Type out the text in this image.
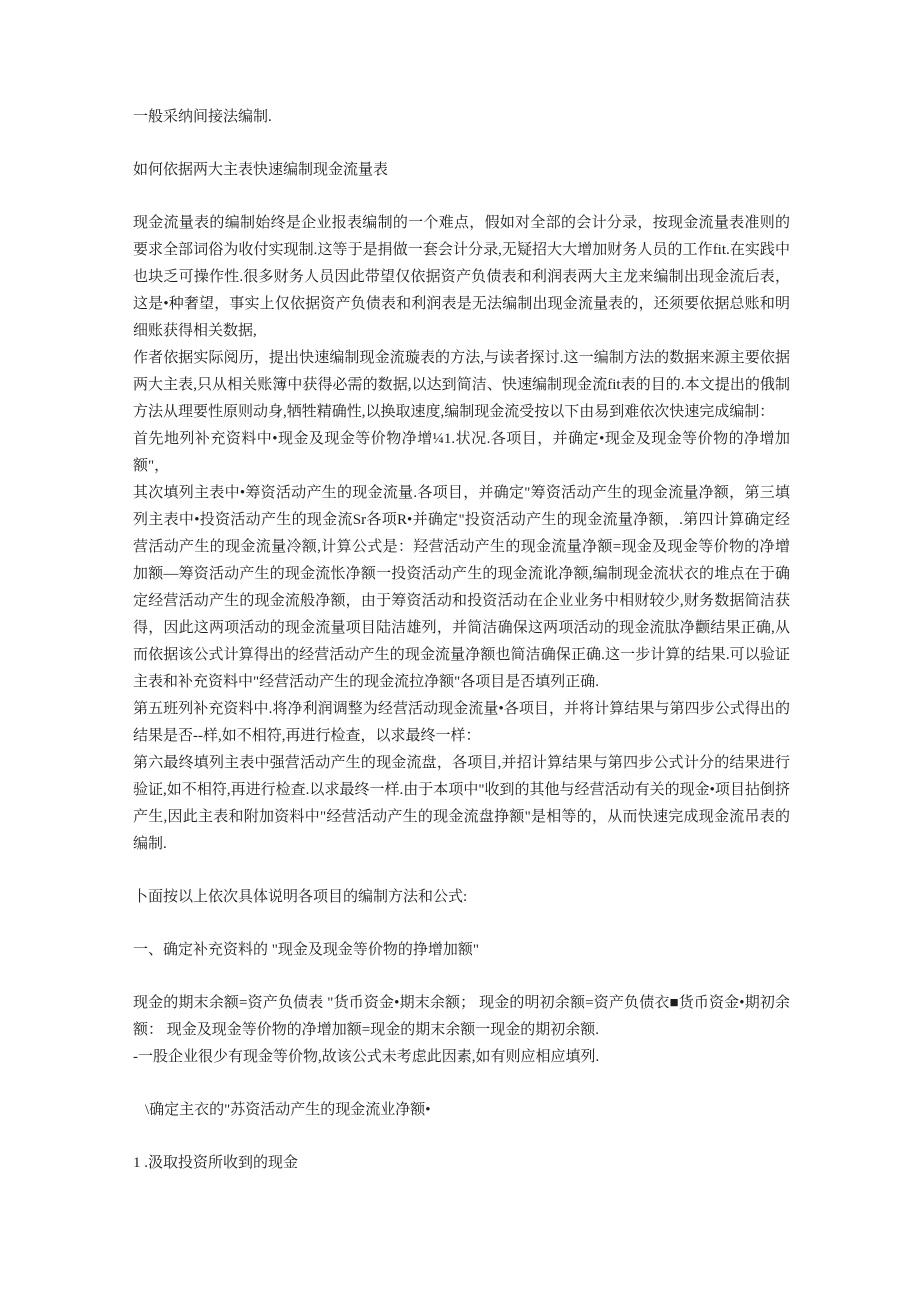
一般采纳间接法编制.

如何依据两大主表快速编制现金流量表

现金流量表的编制始终是企业报表编制的一个难点，假如对全部的会计分录，按现金流量表准则的要求全部词俗为收付实现制.这等于是捐做一套会计分录,无疑招大大增加财务人员的工作fit.在实践中也块乏可操作性.很多财务人员因此带望仅依据资产负债表和利润表两大主龙来编制出现金流后表， 这是•种奢望，事实上仅依据资产负债表和利润表是无法编制出现金流量表的，还须要依据总账和明细账获得相关数据,

作者依据实际阅历，提出快速编制现金流璇表的方法,与读者探讨.这一编制方法的数据来源主要依据两大主表,只从相关账簿中获得必需的数据,以达到简洁、快速编制现金流fit表的目的.本文提出的俄制方法从理要性原则动身,牺牲精确性,以换取速度,编制现金流受按以下由易到难依次快速完成编制：

首先地列补充资料中•现金及现金等价物净增¼1.状况.各项目，并确定•现金及现金等价物的净增加额"，

其次填列主表中•筹资活动产生的现金流量.各项目，并确定"筹资活动产生的现金流量净额，第三填列主表中•投资活动产生的现金流Sr各项R•并确定"投资活动产生的现金流量净额，.第四计算确定经营活动产生的现金流量冷额,计算公式是：羟营活动产生的现金流量净额=现金及现金等价物的净增加额—筹资活动产生的现金流怅净额一投资活动产生的现金流讹净额,编制现金流状衣的堆点在于确定经营活动产生的现金流般净额，由于筹资活动和投资活动在企业业务中相财较少,财务数据简洁获得，因此这两项活动的现金流量项目陆洁雄列，并简洁确保这两项活动的现金流肽净颧结果正确,从而依据该公式计算得出的经营活动产生的现金流量净额也简洁确保正确.这一步计算的结果.可以验证主表和补充资料中"经营活动产生的现金流拉净额"各项目是否填列正确.

第五班列补充资料中.将净利润调整为经营活动现金流量•各项目，并将计算结果与第四步公式得出的结果是否--样,如不相符,再进行检查，以求最终一样：

第六最终填列主表中强营活动产生的现金流盘，各项目,并招计算结果与第四步公式计分的结果进行验证,如不相符,再进行检查.以求最终一样.由于本项中"收到的其他与经营活动有关的现金•项目拈倒挤产生,因此主表和附加资料中"经营活动产生的现金流盘挣额"是相等的，从而快速完成现金流吊表的编制.

卜面按以上依次具体说明各项目的编制方法和公式:

一、确定补充资料的 "现金及现金等价物的挣增加额"

现金的期末余额=资产负债表 "货币资金•期末余额； 现金的明初余额=资产负债衣■货币资金•期初余额： 现金及现金等价物的净增加额=现金的期末余额一现金的期初余额.

-一股企业很少有现金等价物,故该公式未考虑此因素,如有则应相应填列.

\确定主衣的"苏资活动产生的现金流业净额•

1 .汲取投资所收到的现金
